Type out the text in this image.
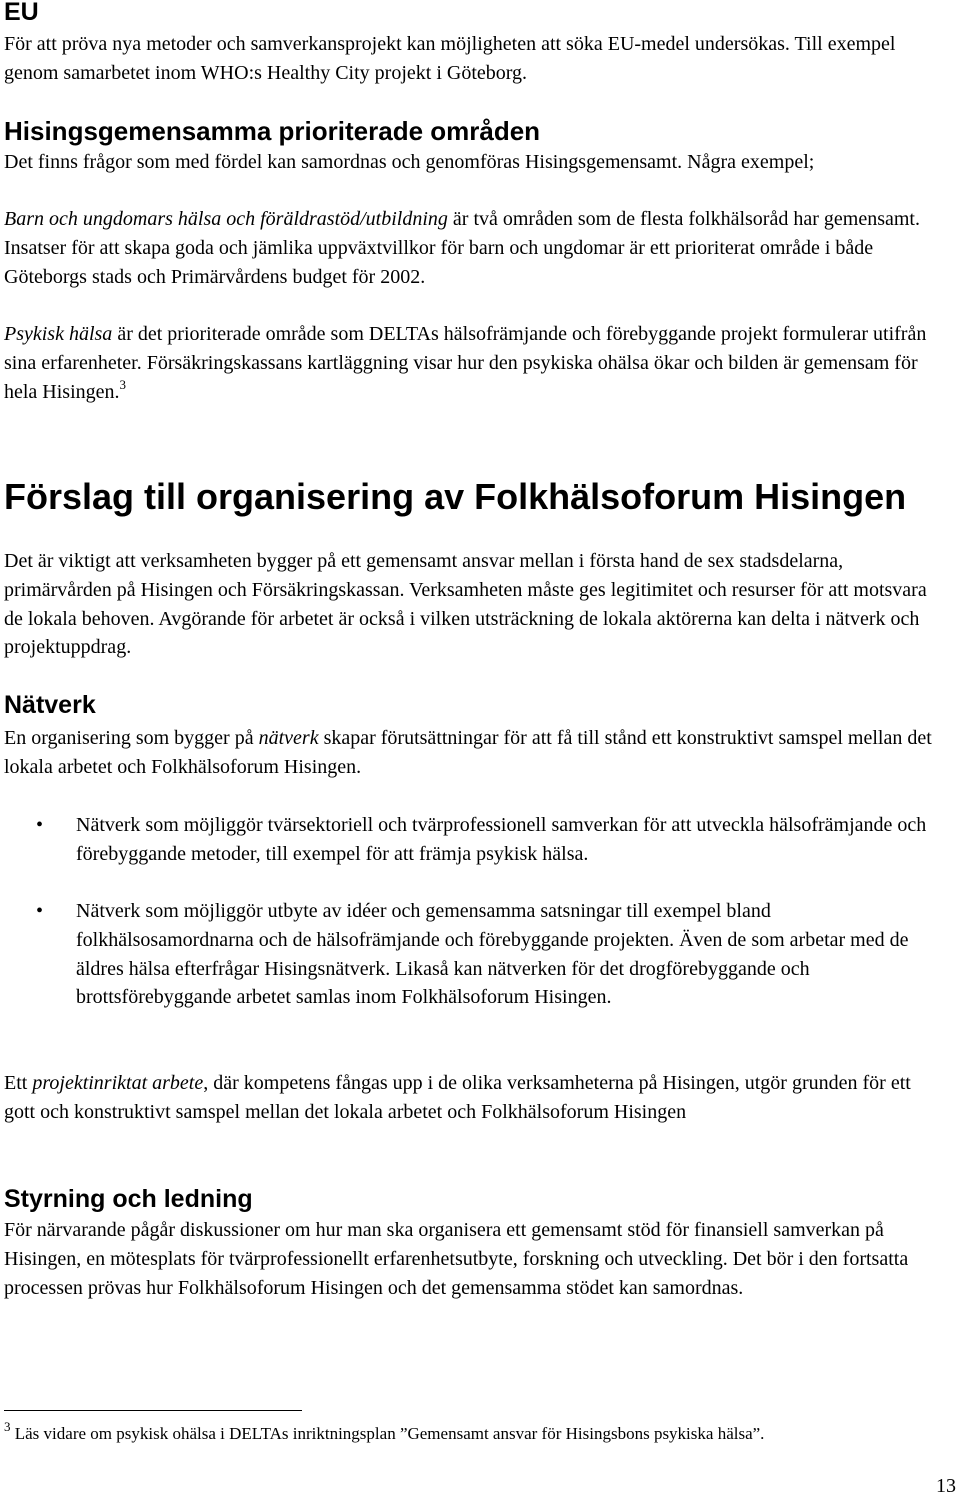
EU

För att pröva nya metoder och samverkansprojekt kan möjligheten att söka EU-medel undersökas. Till exempel genom samarbetet inom WHO:s Healthy City projekt i Göteborg.

Hisingsgemensamma prioriterade områden

Det finns frågor som med fördel kan samordnas och genomföras Hisingsgemensamt. Några exempel;

Barn och ungdomars hälsa och föräldrastöd/utbildning är två områden som de flesta folkhälsoråd har gemensamt. Insatser för att skapa goda och jämlika uppväxtvillkor för barn och ungdomar är ett prioriterat område i både Göteborgs stads och Primärvårdens budget för 2002.

Psykisk hälsa är det prioriterade område som DELTAs hälsofrämjande och förebyggande projekt formulerar utifrån sina erfarenheter. Försäkringskassans kartläggning visar hur den psykiska ohälsa ökar och bilden är gemensam för hela Hisingen.$^3$

Förslag till organisering av Folkhälsoforum Hisingen

Det är viktigt att verksamheten bygger på ett gemensamt ansvar mellan i första hand de sex stadsdelarna, primärvården på Hisingen och Försäkringskassan. Verksamheten måste ges legitimitet och resurser för att motsvara de lokala behoven. Avgörande för arbetet är också i vilken utsträckning de lokala aktörerna kan delta i nätverk och projektuppdrag.

Nätverk

En organisering som bygger på nätverk skapar förutsättningar för att få till stånd ett konstruktivt samspel mellan det lokala arbetet och Folkhälsoforum Hisingen.

• Nätverk som möjliggör tvärsektoriell och tvärprofessionell samverkan för att utveckla hälsofrämjande och förebyggande metoder, till exempel för att främja psykisk hälsa.
• Nätverk som möjliggör utbyte av idéer och gemensamma satsningar till exempel bland folkhälsosamordnarna och de hälsofrämjande och förebyggande projekten. Även de som arbetar med de äldres hälsa efterfrågar Hisingsnätverk. Likaså kan nätverken för det drogförebyggande och brottsförebyggande arbetet samlas inom Folkhälsoforum Hisingen.

Ett projektinriktat arbete, där kompetens fångas upp i de olika verksamheterna på Hisingen, utgör grunden för ett gott och konstruktivt samspel mellan det lokala arbetet och Folkhälsoforum Hisingen

Styrning och ledning

För närvarande pågår diskussioner om hur man ska organisera ett gemensamt stöd för finansiell samverkan på Hisingen, en mötesplats för tvärprofessionellt erfarenhetsutbyte, forskning och utveckling. Det bör i den fortsatta processen prövas hur Folkhälsoforum Hisingen och det gemensamma stödet kan samordnas.

$^3$ Läs vidare om psykisk ohälsa i DELTAs inriktningsplan ”Gemensamt ansvar för Hisingsbons psykiska hälsa”.
13
